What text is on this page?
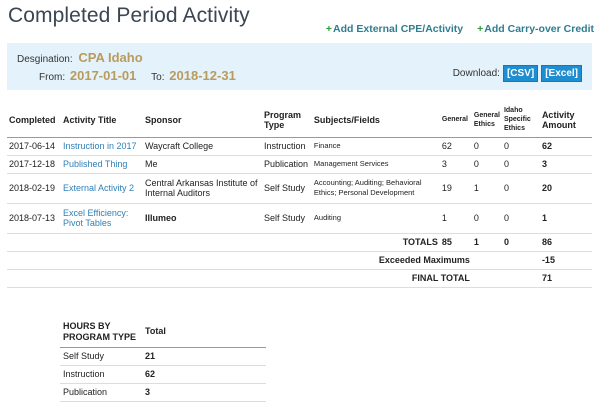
Completed Period Activity
+Add External CPE/Activity +Add Carry-over Credit
Desgination: CPA Idaho
From: 2017-01-01 To: 2018-12-31	Download: [CSV]	[Excel]
Completed	Activity Title	Sponsor	Program Type	Subjects/Fields	General	General Ethics	Idaho Specific Ethics	Activity Amount
2017-06-14	Instruction in 2017	Waycraft College	Instruction	Finance	62	0	0	62
2017-12-18	Published Thing	Me	Publication	Management Services	3	0	0	3
2018-02-19	External Activity 2	Central Arkansas Institute of Internal Auditors	Self Study	Accounting; Auditing; Behavioral Ethics; Personal Development	19	1	0	20
2018-07-13	Excel Efficiency: Pivot Tables	Illumeo	Self Study	Auditing	1	0	0	1
TOTALS					85	1	0	86
Exceeded Maximums								-15
FINAL TOTAL								71
HOURS BY PROGRAM TYPE	Total
Self Study	21
Instruction	62
Publication	3
